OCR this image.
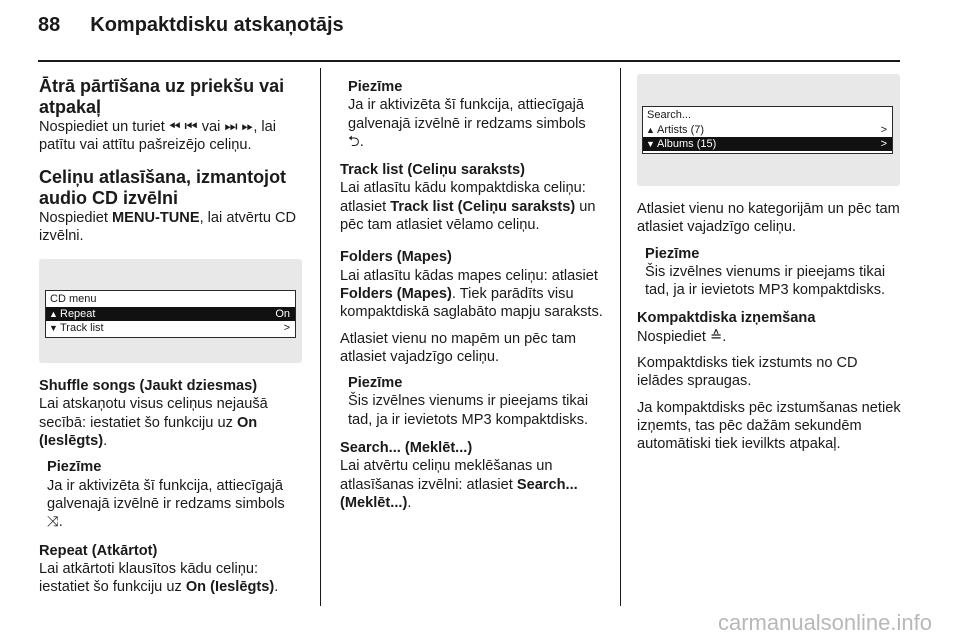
88 Kompaktdisku atskaņotājs
Ātrā pārtīšana uz priekšu vai atpakaļ

Nospiediet un turiet ⏪︎ ⏮︎ vai ⏭︎ ⏩︎, lai patītu vai attītu pašreizējo celiņu.

Celiņu atlasīšana, izmantojot audio CD izvēlni

Nospiediet MENU-TUNE, lai atvērtu CD izvēlni.

CD menu
▲ Repeat	On
▼ Track list	>

Shuffle songs (Jaukt dziesmas)

Lai atskaņotu visus celiņus nejaušā secībā: iestatiet šo funkciju uz On (Ieslēgts).

Piezīme

Ja ir aktivizēta šī funkcija, attiecīgajā galvenajā izvēlnē ir redzams simbols ⤨.

Repeat (Atkārtot)

Lai atkārtoti klausītos kādu celiņu: iestatiet šo funkciju uz On (Ieslēgts).

Piezīme

Ja ir aktivizēta šī funkcija, attiecīgajā galvenajā izvēlnē ir redzams simbols ⮌.

Track list (Celiņu saraksts)

Lai atlasītu kādu kompaktdiska celiņu: atlasiet Track list (Celiņu saraksts) un pēc tam atlasiet vēlamo celiņu.

Folders (Mapes)

Lai atlasītu kādas mapes celiņu: atlasiet Folders (Mapes). Tiek parādīts visu kompaktdiskā saglabāto mapju saraksts.

Atlasiet vienu no mapēm un pēc tam atlasiet vajadzīgo celiņu.

Piezīme

Šis izvēlnes vienums ir pieejams tikai tad, ja ir ievietots MP3 kompaktdisks.

Search... (Meklēt...)

Lai atvērtu celiņu meklēšanas un atlasīšanas izvēlni: atlasiet Search... (Meklēt...).

Search...
▲ Artists (7)	>
▼ Albums (15)	>

Atlasiet vienu no kategorijām un pēc tam atlasiet vajadzīgo celiņu.

Piezīme

Šis izvēlnes vienums ir pieejams tikai tad, ja ir ievietots MP3 kompaktdisks.

Kompaktdiska izņemšana

Nospiediet ≙.

Kompaktdisks tiek izstumts no CD ielādes spraugas.

Ja kompaktdisks pēc izstumšanas netiek izņemts, tas pēc dažām sekundēm automātiski tiek ievilkts atpakaļ.

carmanualsonline.info
